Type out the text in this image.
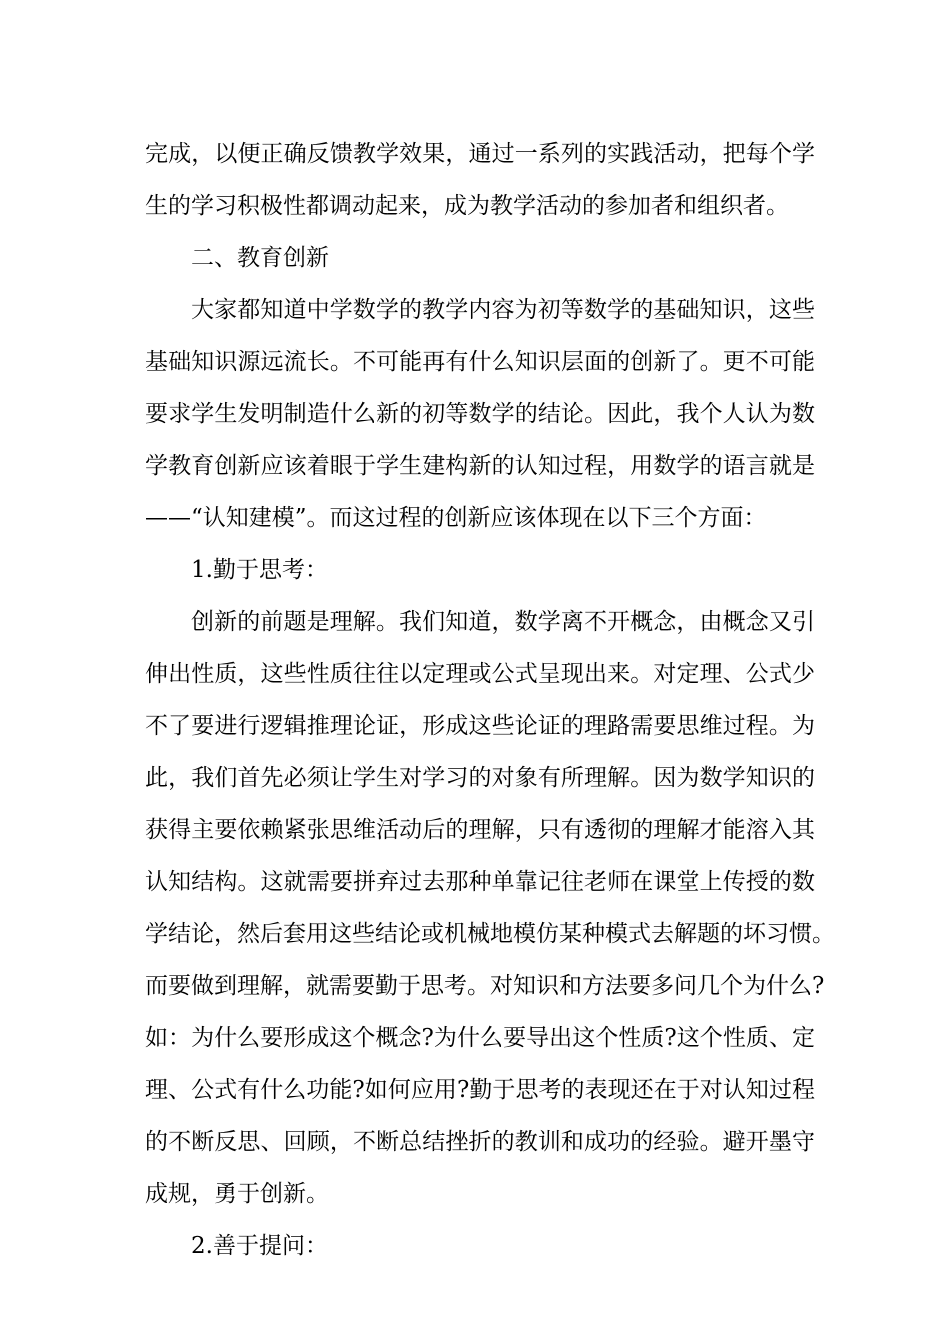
完成，以便正确反馈教学效果，通过一系列的实践活动，把每个学
生的学习积极性都调动起来，成为教学活动的参加者和组织者。
二、教育创新
大家都知道中学数学的教学内容为初等数学的基础知识，这些
基础知识源远流长。不可能再有什么知识层面的创新了。更不可能
要求学生发明制造什么新的初等数学的结论。因此，我个人认为数
学教育创新应该着眼于学生建构新的认知过程，用数学的语言就是
——“认知建模”。而这过程的创新应该体现在以下三个方面：
1.勤于思考：
创新的前题是理解。我们知道，数学离不开概念，由概念又引
伸出性质，这些性质往往以定理或公式呈现出来。对定理、公式少
不了要进行逻辑推理论证，形成这些论证的理路需要思维过程。为
此，我们首先必须让学生对学习的对象有所理解。因为数学知识的
获得主要依赖紧张思维活动后的理解，只有透彻的理解才能溶入其
认知结构。这就需要拼弃过去那种单靠记往老师在课堂上传授的数
学结论，然后套用这些结论或机械地模仿某种模式去解题的坏习惯。
而要做到理解，就需要勤于思考。对知识和方法要多问几个为什么?
如：为什么要形成这个概念?为什么要导出这个性质?这个性质、定
理、公式有什么功能?如何应用?勤于思考的表现还在于对认知过程
的不断反思、回顾，不断总结挫折的教训和成功的经验。避开墨守
成规，勇于创新。
2.善于提问：
